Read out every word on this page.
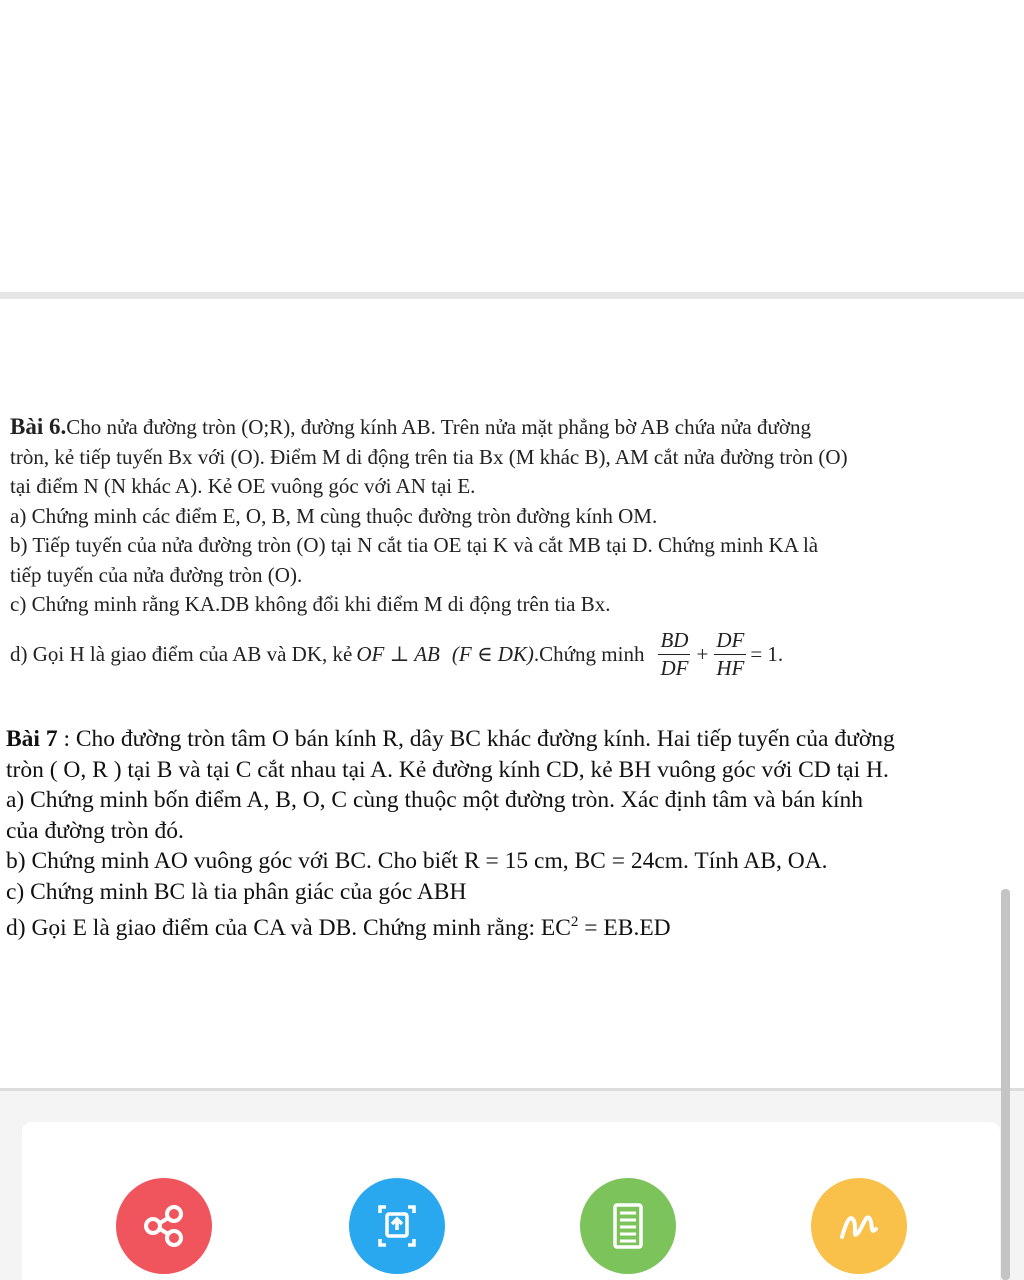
Bài 6.Cho nửa đường tròn (O;R), đường kính AB. Trên nửa mặt phẳng bờ AB chứa nửa đường
tròn, kẻ tiếp tuyến Bx với (O). Điểm M di động trên tia Bx (M khác B), AM cắt nửa đường tròn (O)
tại điểm N (N khác A). Kẻ OE vuông góc với AN tại E.
a) Chứng minh các điểm E, O, B, M cùng thuộc đường tròn đường kính OM.
b) Tiếp tuyến của nửa đường tròn (O) tại N cắt tia OE tại K và cắt MB tại D. Chứng minh KA là
tiếp tuyến của nửa đường tròn (O).
c) Chứng minh rằng KA.DB không đổi khi điểm M di động trên tia Bx.
d) Gọi H là giao điểm của AB và DK, kẻ OF ⊥ AB (F ∈ DK) .Chứng minh $\frac{BD}{DF} + \frac{DF}{HF} = 1$.
Bài 7 : Cho đường tròn tâm O bán kính R, dây BC khác đường kính. Hai tiếp tuyến của đường
tròn ( O, R ) tại B và tại C cắt nhau tại A. Kẻ đường kính CD, kẻ BH vuông góc với CD tại H.
a) Chứng minh bốn điểm A, B, O, C cùng thuộc một đường tròn. Xác định tâm và bán kính
của đường tròn đó.
b) Chứng minh AO vuông góc với BC. Cho biết R = 15 cm, BC = 24cm. Tính AB, OA.
c) Chứng minh BC là tia phân giác của góc ABH
d) Gọi E là giao điểm của CA và DB. Chứng minh rằng: $EC^2 = EB.ED$
